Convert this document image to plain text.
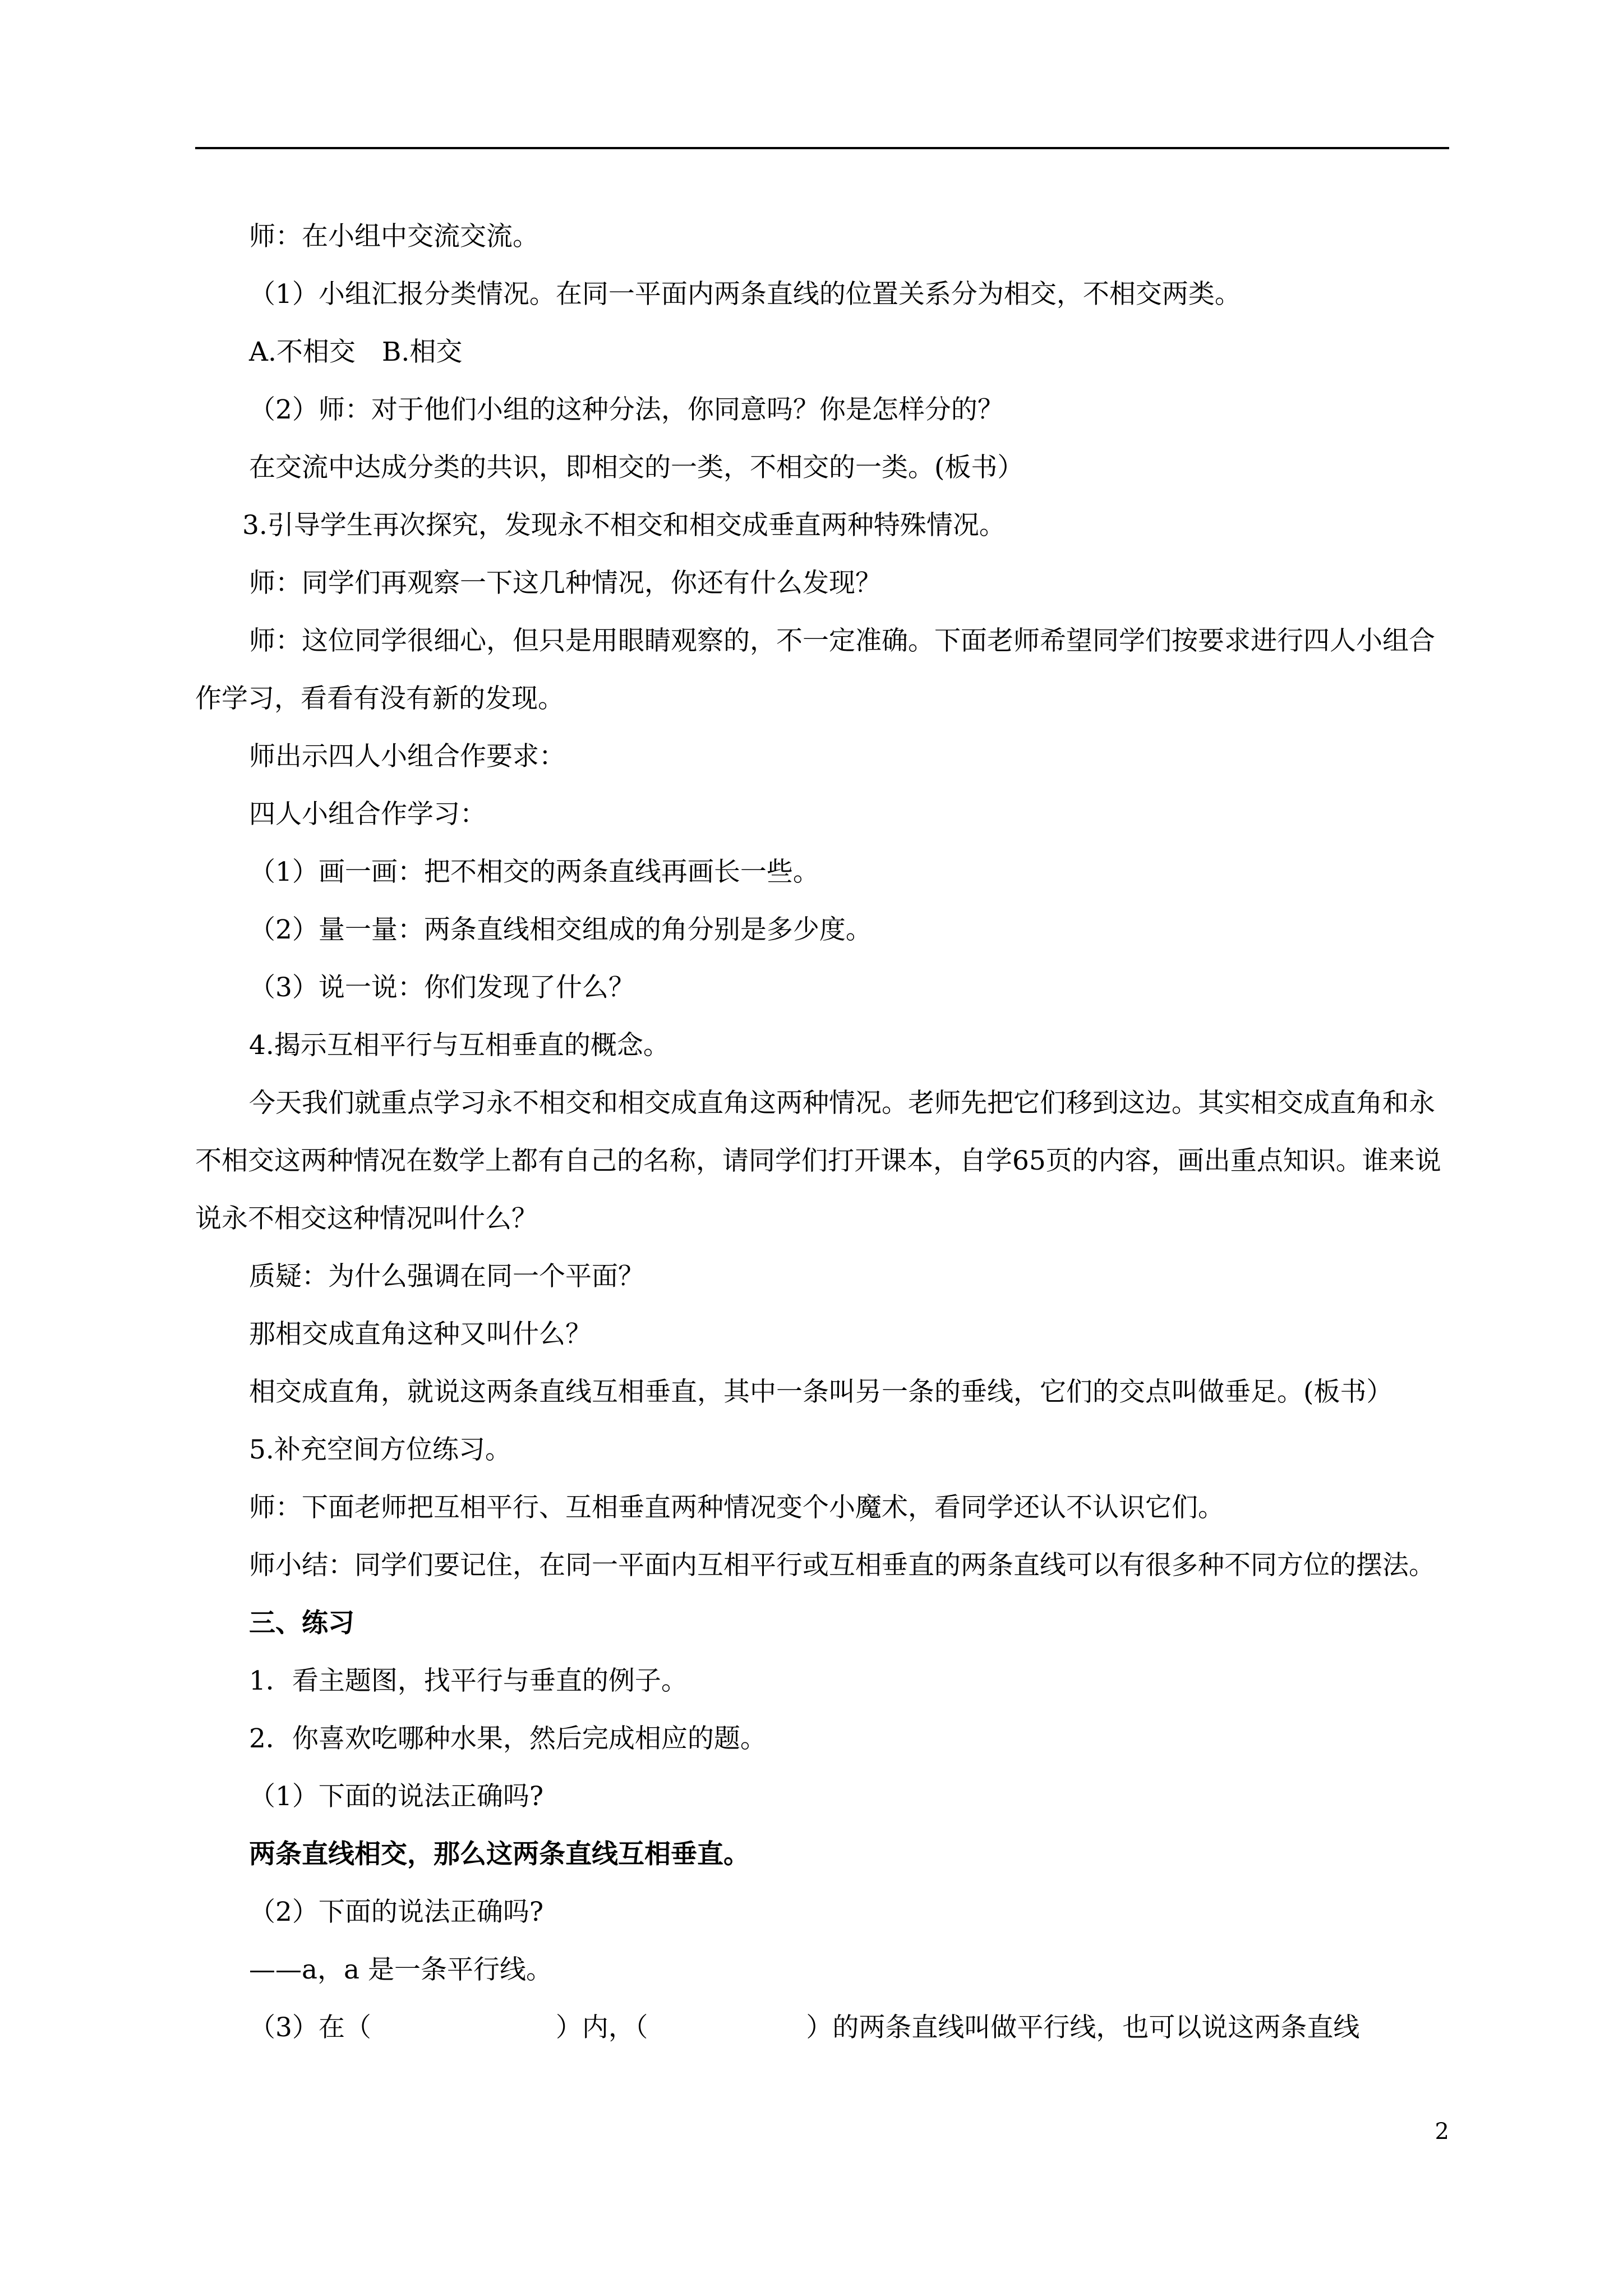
师：在小组中交流交流。

（1）小组汇报分类情况。在同一平面内两条直线的位置关系分为相交，不相交两类。

A.不相交　B.相交

（2）师：对于他们小组的这种分法，你同意吗？你是怎样分的？

在交流中达成分类的共识，即相交的一类，不相交的一类。(板书）

3.引导学生再次探究，发现永不相交和相交成垂直两种特殊情况。

师：同学们再观察一下这几种情况，你还有什么发现？

师：这位同学很细心，但只是用眼睛观察的，不一定准确。下面老师希望同学们按要求进行四人小组合作学习，看看有没有新的发现。

师出示四人小组合作要求：

四人小组合作学习：

（1）画一画：把不相交的两条直线再画长一些。

（2）量一量：两条直线相交组成的角分别是多少度。

（3）说一说：你们发现了什么？

4.揭示互相平行与互相垂直的概念。

今天我们就重点学习永不相交和相交成直角这两种情况。老师先把它们移到这边。其实相交成直角和永不相交这两种情况在数学上都有自己的名称，请同学们打开课本，自学65页的内容，画出重点知识。谁来说说永不相交这种情况叫什么？

质疑：为什么强调在同一个平面？

那相交成直角这种又叫什么？

相交成直角，就说这两条直线互相垂直，其中一条叫另一条的垂线，它们的交点叫做垂足。(板书）

5.补充空间方位练习。

师：下面老师把互相平行、互相垂直两种情况变个小魔术，看同学还认不认识它们。

师小结：同学们要记住，在同一平面内互相平行或互相垂直的两条直线可以有很多种不同方位的摆法。

三、练习

1．看主题图，找平行与垂直的例子。

2．你喜欢吃哪种水果，然后完成相应的题。

（1）下面的说法正确吗?

两条直线相交，那么这两条直线互相垂直。

（2）下面的说法正确吗?

——a，a 是一条平行线。

（3）在（　　　　　　　）内，（　　　　　　）的两条直线叫做平行线，也可以说这两条直线

2
